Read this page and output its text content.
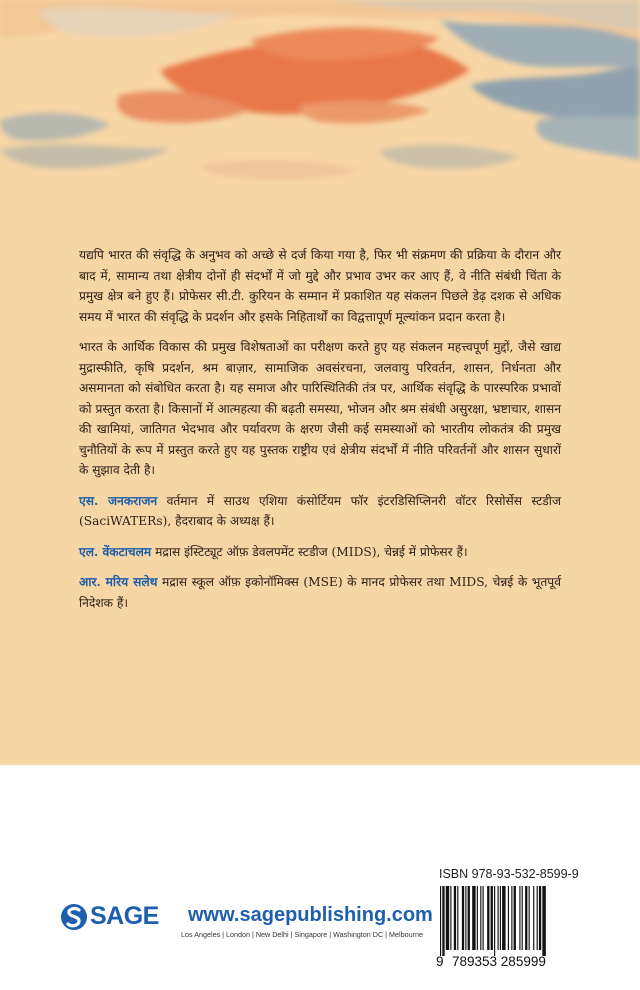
यद्यपि भारत की संवृद्धि के अनुभव को अच्छे से दर्ज किया गया है, फिर भी संक्रमण की प्रक्रिया के दौरान और बाद में, सामान्य तथा क्षेत्रीय दोनों ही संदर्भों में जो मुद्दे और प्रभाव उभर कर आए हैं, वे नीति संबंधी चिंता के प्रमुख क्षेत्र बने हुए हैं। प्रोफेसर सी.टी. कुरियन के सम्मान में प्रकाशित यह संकलन पिछले डेढ़ दशक से अधिक समय में भारत की संवृद्धि के प्रदर्शन और इसके निहितार्थों का विद्वत्तापूर्ण मूल्यांकन प्रदान करता है।

भारत के आर्थिक विकास की प्रमुख विशेषताओं का परीक्षण करते हुए यह संकलन महत्त्वपूर्ण मुद्दों, जैसे खाद्य मुद्रास्फीति, कृषि प्रदर्शन, श्रम बाज़ार, सामाजिक अवसंरचना, जलवायु परिवर्तन, शासन, निर्धनता और असमानता को संबोधित करता है। यह समाज और पारिस्थितिकी तंत्र पर, आर्थिक संवृद्धि के पारस्परिक प्रभावों को प्रस्तुत करता है। किसानों में आत्महत्या की बढ़ती समस्या, भोजन और श्रम संबंधी असुरक्षा, भ्रष्टाचार, शासन की खामियां, जातिगत भेदभाव और पर्यावरण के क्षरण जैसी कई समस्याओं को भारतीय लोकतंत्र की प्रमुख चुनौतियों के रूप में प्रस्तुत करते हुए यह पुस्तक राष्ट्रीय एवं क्षेत्रीय संदर्भों में नीति परिवर्तनों और शासन सुधारों के सुझाव देती है।

एस. जनकराजन वर्तमान में साउथ एशिया कंसोर्टियम फॉर इंटरडिसिप्लिनरी वॉटर रिसोर्सेस स्टडीज (SaciWATERs), हैदराबाद के अध्यक्ष हैं।

एल. वेंकटाचलम मद्रास इंस्टिट्यूट ऑफ़ डेवलपमेंट स्टडीज (MIDS), चेन्नई में प्रोफेसर हैं।

आर. मरिय सलेथ मद्रास स्कूल ऑफ़ इकोनॉमिक्स (MSE) के मानद प्रोफेसर तथा MIDS, चेन्नई के भूतपूर्व निदेशक हैं।

SAGE www.sagepublishing.com
Los Angeles | London | New Delhi | Singapore | Washington DC | Melbourne
ISBN 978-93-532-8599-9
9 789353 285999
